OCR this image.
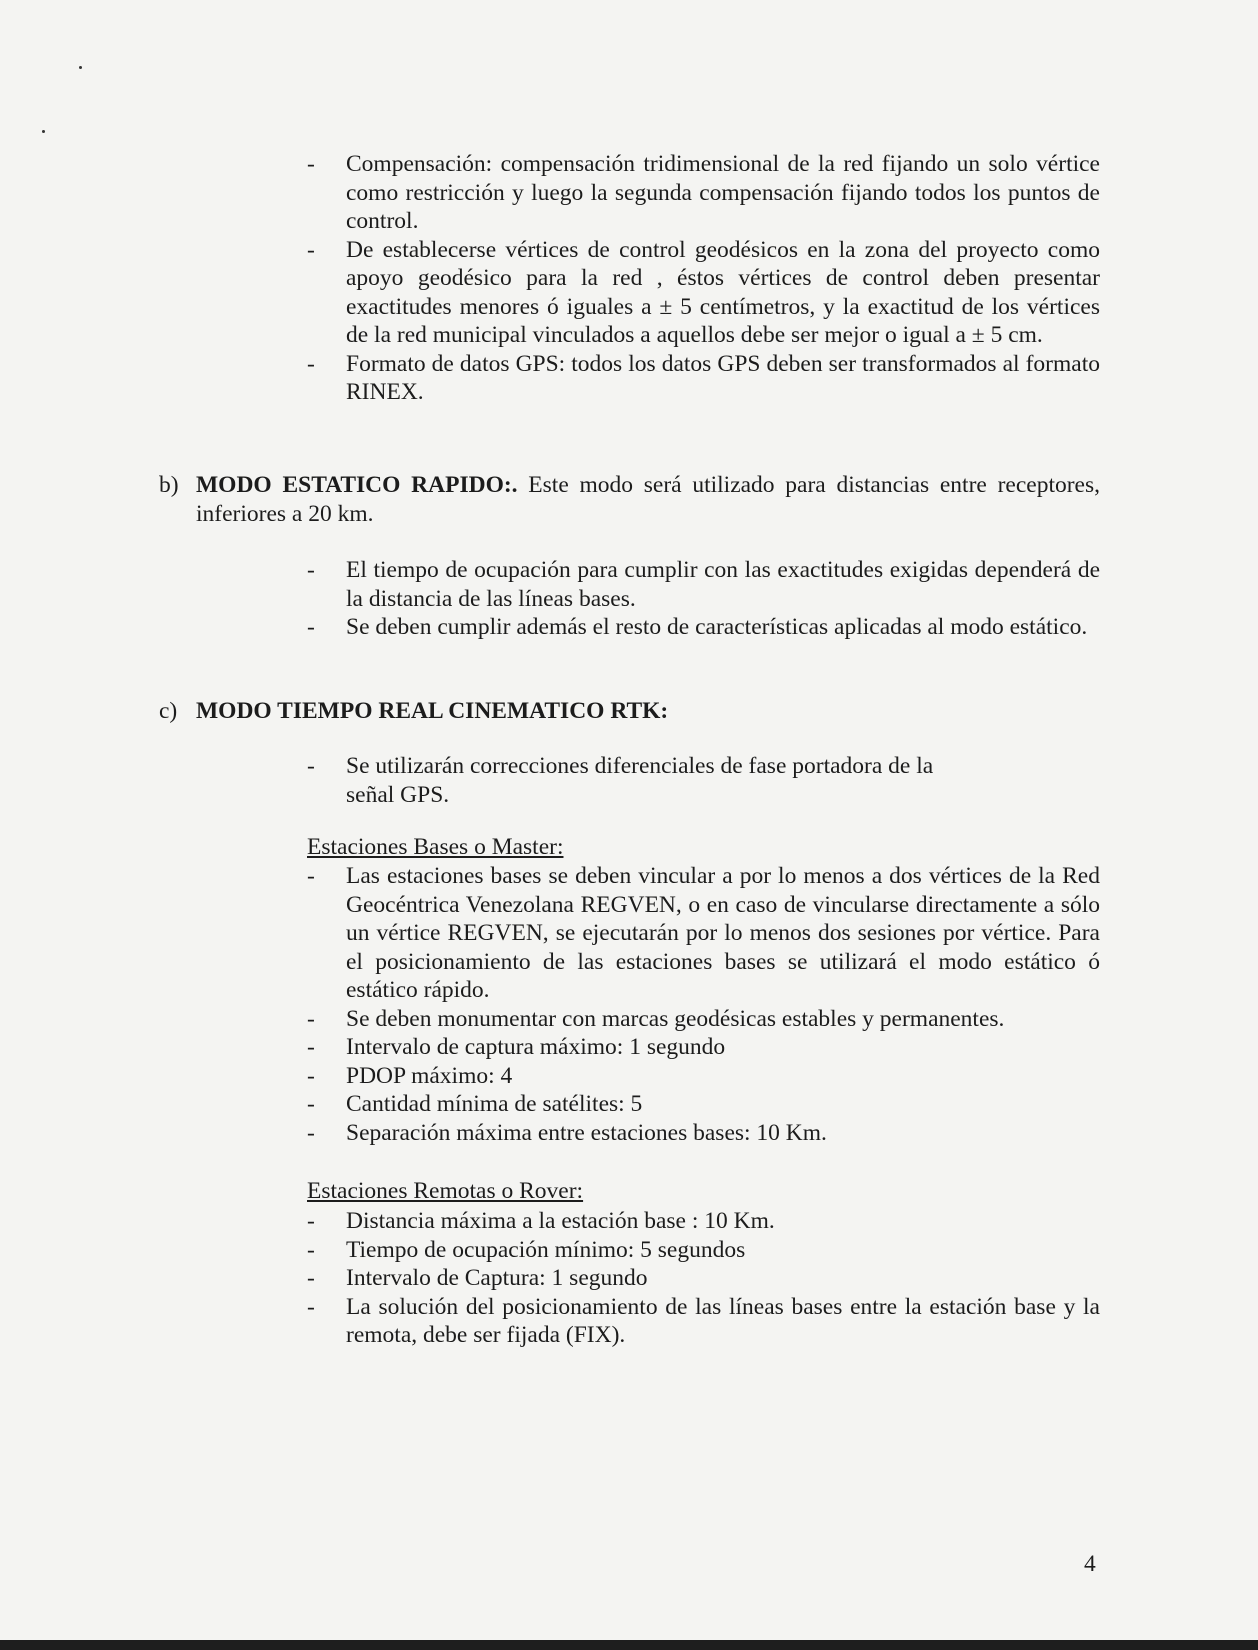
- Compensación: compensación tridimensional de la red fijando un solo vértice como restricción y luego la segunda compensación fijando todos los puntos de control.
- De establecerse vértices de control geodésicos en la zona del proyecto como apoyo geodésico para la red , éstos vértices de control deben presentar exactitudes menores ó iguales a ± 5 centímetros, y la exactitud de los vértices de la red municipal vinculados a aquellos debe ser mejor o igual a ± 5 cm.
- Formato de datos GPS: todos los datos GPS deben ser transformados al formato RINEX.
b) MODO ESTATICO RAPIDO:. Este modo será utilizado para distancias entre receptores, inferiores a 20 km.
- El tiempo de ocupación para cumplir con las exactitudes exigidas dependerá de la distancia de las líneas bases.
- Se deben cumplir además el resto de características aplicadas al modo estático.
c) MODO TIEMPO REAL CINEMATICO RTK:
- Se utilizarán correcciones diferenciales de fase portadora de la señal GPS.
Estaciones Bases o Master:
- Las estaciones bases se deben vincular a por lo menos a dos vértices de la Red Geocéntrica Venezolana REGVEN, o en caso de vincularse directamente a sólo un vértice REGVEN, se ejecutarán por lo menos dos sesiones por vértice. Para el posicionamiento de las estaciones bases se utilizará el modo estático ó estático rápido.
- Se deben monumentar con marcas geodésicas estables y permanentes.
- Intervalo de captura máximo: 1 segundo
- PDOP máximo: 4
- Cantidad mínima de satélites: 5
- Separación máxima entre estaciones bases: 10 Km.
Estaciones Remotas o Rover:
- Distancia máxima a la estación base : 10 Km.
- Tiempo de ocupación mínimo: 5 segundos
- Intervalo de Captura: 1 segundo
- La solución del posicionamiento de las líneas bases entre la estación base y la remota, debe ser fijada (FIX).
4
